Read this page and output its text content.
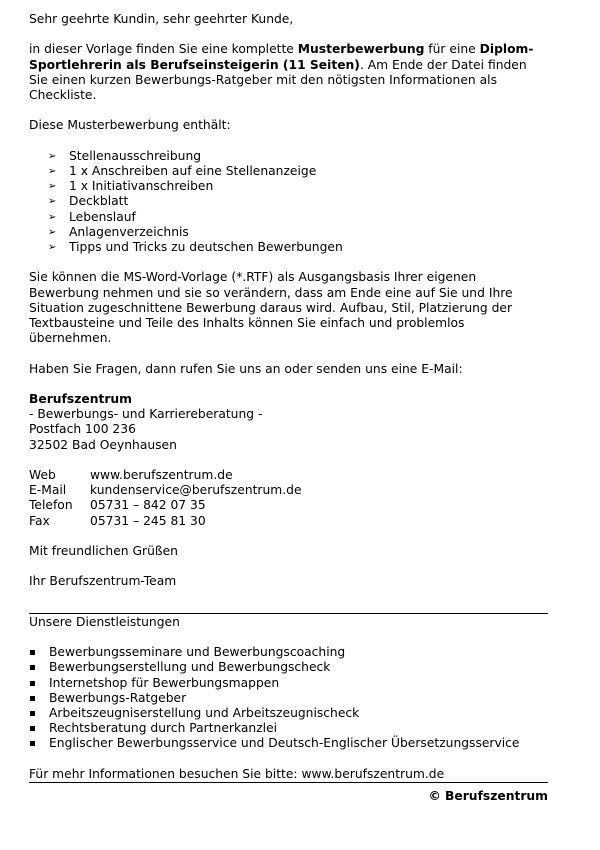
Sehr geehrte Kundin, sehr geehrter Kunde,

in dieser Vorlage finden Sie eine komplette Musterbewerbung für eine Diplom-Sportlehrerin als Berufseinsteigerin (11 Seiten). Am Ende der Datei finden Sie einen kurzen Bewerbungs-Ratgeber mit den nötigsten Informationen als Checkliste.

Diese Musterbewerbung enthält:

➢ Stellenausschreibung
➢ 1 x Anschreiben auf eine Stellenanzeige
➢ 1 x Initiativanschreiben
➢ Deckblatt
➢ Lebenslauf
➢ Anlagenverzeichnis
➢ Tipps und Tricks zu deutschen Bewerbungen

Sie können die MS-Word-Vorlage (*.RTF) als Ausgangsbasis Ihrer eigenen Bewerbung nehmen und sie so verändern, dass am Ende eine auf Sie und Ihre Situation zugeschnittene Bewerbung daraus wird. Aufbau, Stil, Platzierung der Textbausteine und Teile des Inhalts können Sie einfach und problemlos übernehmen.

Haben Sie Fragen, dann rufen Sie uns an oder senden uns eine E-Mail:

Berufszentrum

- Bewerbungs- und Karriereberatung -

Postfach 100 236

32502 Bad Oeynhausen

Web	www.berufszentrum.de
E-Mail	kundenservice@berufszentrum.de
Telefon	05731 – 842 07 35
Fax	05731 – 245 81 30

Mit freundlichen Grüßen

Ihr Berufszentrum-Team

Unsere Dienstleistungen

Bewerbungsseminare und Bewerbungscoaching
Bewerbungserstellung und Bewerbungscheck
Internetshop für Bewerbungsmappen
Bewerbungs-Ratgeber
Arbeitszeugniserstellung und Arbeitszeugnischeck
Rechtsberatung durch Partnerkanzlei
Englischer Bewerbungsservice und Deutsch-Englischer Übersetzungsservice

Für mehr Informationen besuchen Sie bitte: www.berufszentrum.de

© Berufszentrum
